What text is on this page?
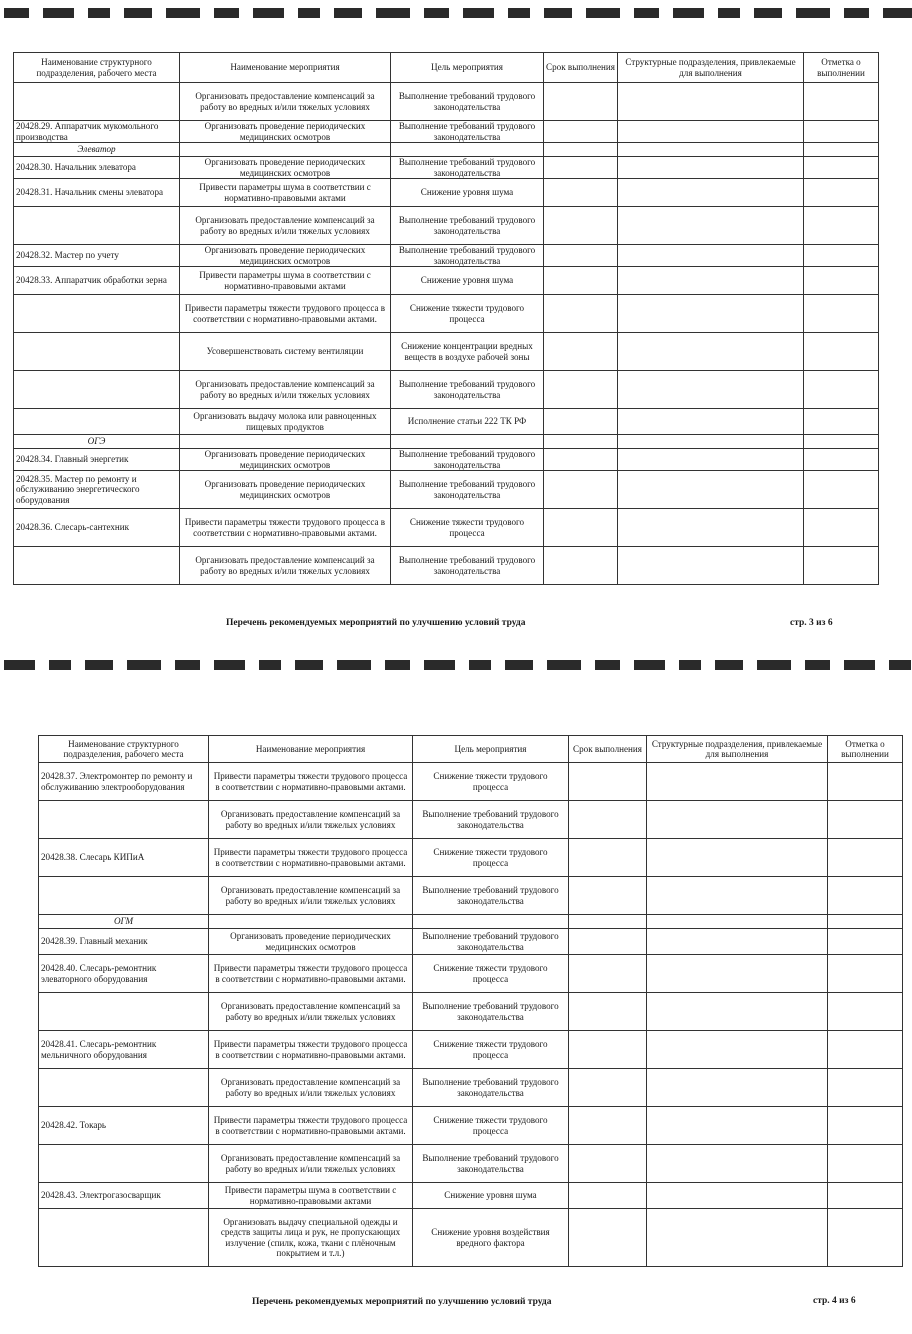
Наименование структурного подразделения, рабочего места	Наименование мероприятия	Цель мероприятия	Срок выполнения	Структурные подразделения, привлекаемые для выполнения	Отметка о выполнении
	Организовать предоставление компенсаций за работу во вредных и/или тяжелых условиях	Выполнение требований трудового законодательства			
20428.29. Аппаратчик мукомольного производства	Организовать проведение периодических медицинских осмотров	Выполнение требований трудового законодательства			
Элеватор					
20428.30. Начальник элеватора	Организовать проведение периодических медицинских осмотров	Выполнение требований трудового законодательства			
20428.31. Начальник смены элеватора	Привести параметры шума в соответствии с нормативно-правовыми актами	Снижение уровня шума			
	Организовать предоставление компенсаций за работу во вредных и/или тяжелых условиях	Выполнение требований трудового законодательства			
20428.32. Мастер по учету	Организовать проведение периодических медицинских осмотров	Выполнение требований трудового законодательства			
20428.33. Аппаратчик обработки зерна	Привести параметры шума в соответствии с нормативно-правовыми актами	Снижение уровня шума			
	Привести параметры тяжести трудового процесса в соответствии с нормативно-правовыми актами.	Снижение тяжести трудового процесса			
	Усовершенствовать систему вентиляции	Снижение концентрации вредных веществ в воздухе рабочей зоны			
	Организовать предоставление компенсаций за работу во вредных и/или тяжелых условиях	Выполнение требований трудового законодательства			
	Организовать выдачу молока или равноценных пищевых продуктов	Исполнение статьи 222 ТК РФ			
ОГЭ					
20428.34. Главный энергетик	Организовать проведение периодических медицинских осмотров	Выполнение требований трудового законодательства			
20428.35. Мастер по ремонту и обслуживанию энергетического оборудования	Организовать проведение периодических медицинских осмотров	Выполнение требований трудового законодательства			
20428.36. Слесарь-сантехник	Привести параметры тяжести трудового процесса в соответствии с нормативно-правовыми актами.	Снижение тяжести трудового процесса			
	Организовать предоставление компенсаций за работу во вредных и/или тяжелых условиях	Выполнение требований трудового законодательства			
Перечень рекомендуемых мероприятий по улучшению условий труда	стр. 3 из 6
Наименование структурного подразделения, рабочего места	Наименование мероприятия	Цель мероприятия	Срок выполнения	Структурные подразделения, привлекаемые для выполнения	Отметка о выполнении
20428.37. Электромонтер по ремонту и обслуживанию электрооборудования	Привести параметры тяжести трудового процесса в соответствии с нормативно-правовыми актами.	Снижение тяжести трудового процесса			
	Организовать предоставление компенсаций за работу во вредных и/или тяжелых условиях	Выполнение требований трудового законодательства			
20428.38. Слесарь КИПиА	Привести параметры тяжести трудового процесса в соответствии с нормативно-правовыми актами.	Снижение тяжести трудового процесса			
	Организовать предоставление компенсаций за работу во вредных и/или тяжелых условиях	Выполнение требований трудового законодательства			
ОГМ					
20428.39. Главный механик	Организовать проведение периодических медицинских осмотров	Выполнение требований трудового законодательства			
20428.40. Слесарь-ремонтник элеваторного оборудования	Привести параметры тяжести трудового процесса в соответствии с нормативно-правовыми актами.	Снижение тяжести трудового процесса			
	Организовать предоставление компенсаций за работу во вредных и/или тяжелых условиях	Выполнение требований трудового законодательства			
20428.41. Слесарь-ремонтник мельничного оборудования	Привести параметры тяжести трудового процесса в соответствии с нормативно-правовыми актами.	Снижение тяжести трудового процесса			
	Организовать предоставление компенсаций за работу во вредных и/или тяжелых условиях	Выполнение требований трудового законодательства			
20428.42. Токарь	Привести параметры тяжести трудового процесса в соответствии с нормативно-правовыми актами.	Снижение тяжести трудового процесса			
	Организовать предоставление компенсаций за работу во вредных и/или тяжелых условиях	Выполнение требований трудового законодательства			
20428.43. Электрогазосварщик	Привести параметры шума в соответствии с нормативно-правовыми актами	Снижение уровня шума			
	Организовать выдачу специальной одежды и средств защиты лица и рук, не пропускающих излучение (спилк, кожа, ткани с плёночным покрытием и т.л.)	Снижение уровня воздействия вредного фактора			
Перечень рекомендуемых мероприятий по улучшению условий труда	стр. 4 из 6
